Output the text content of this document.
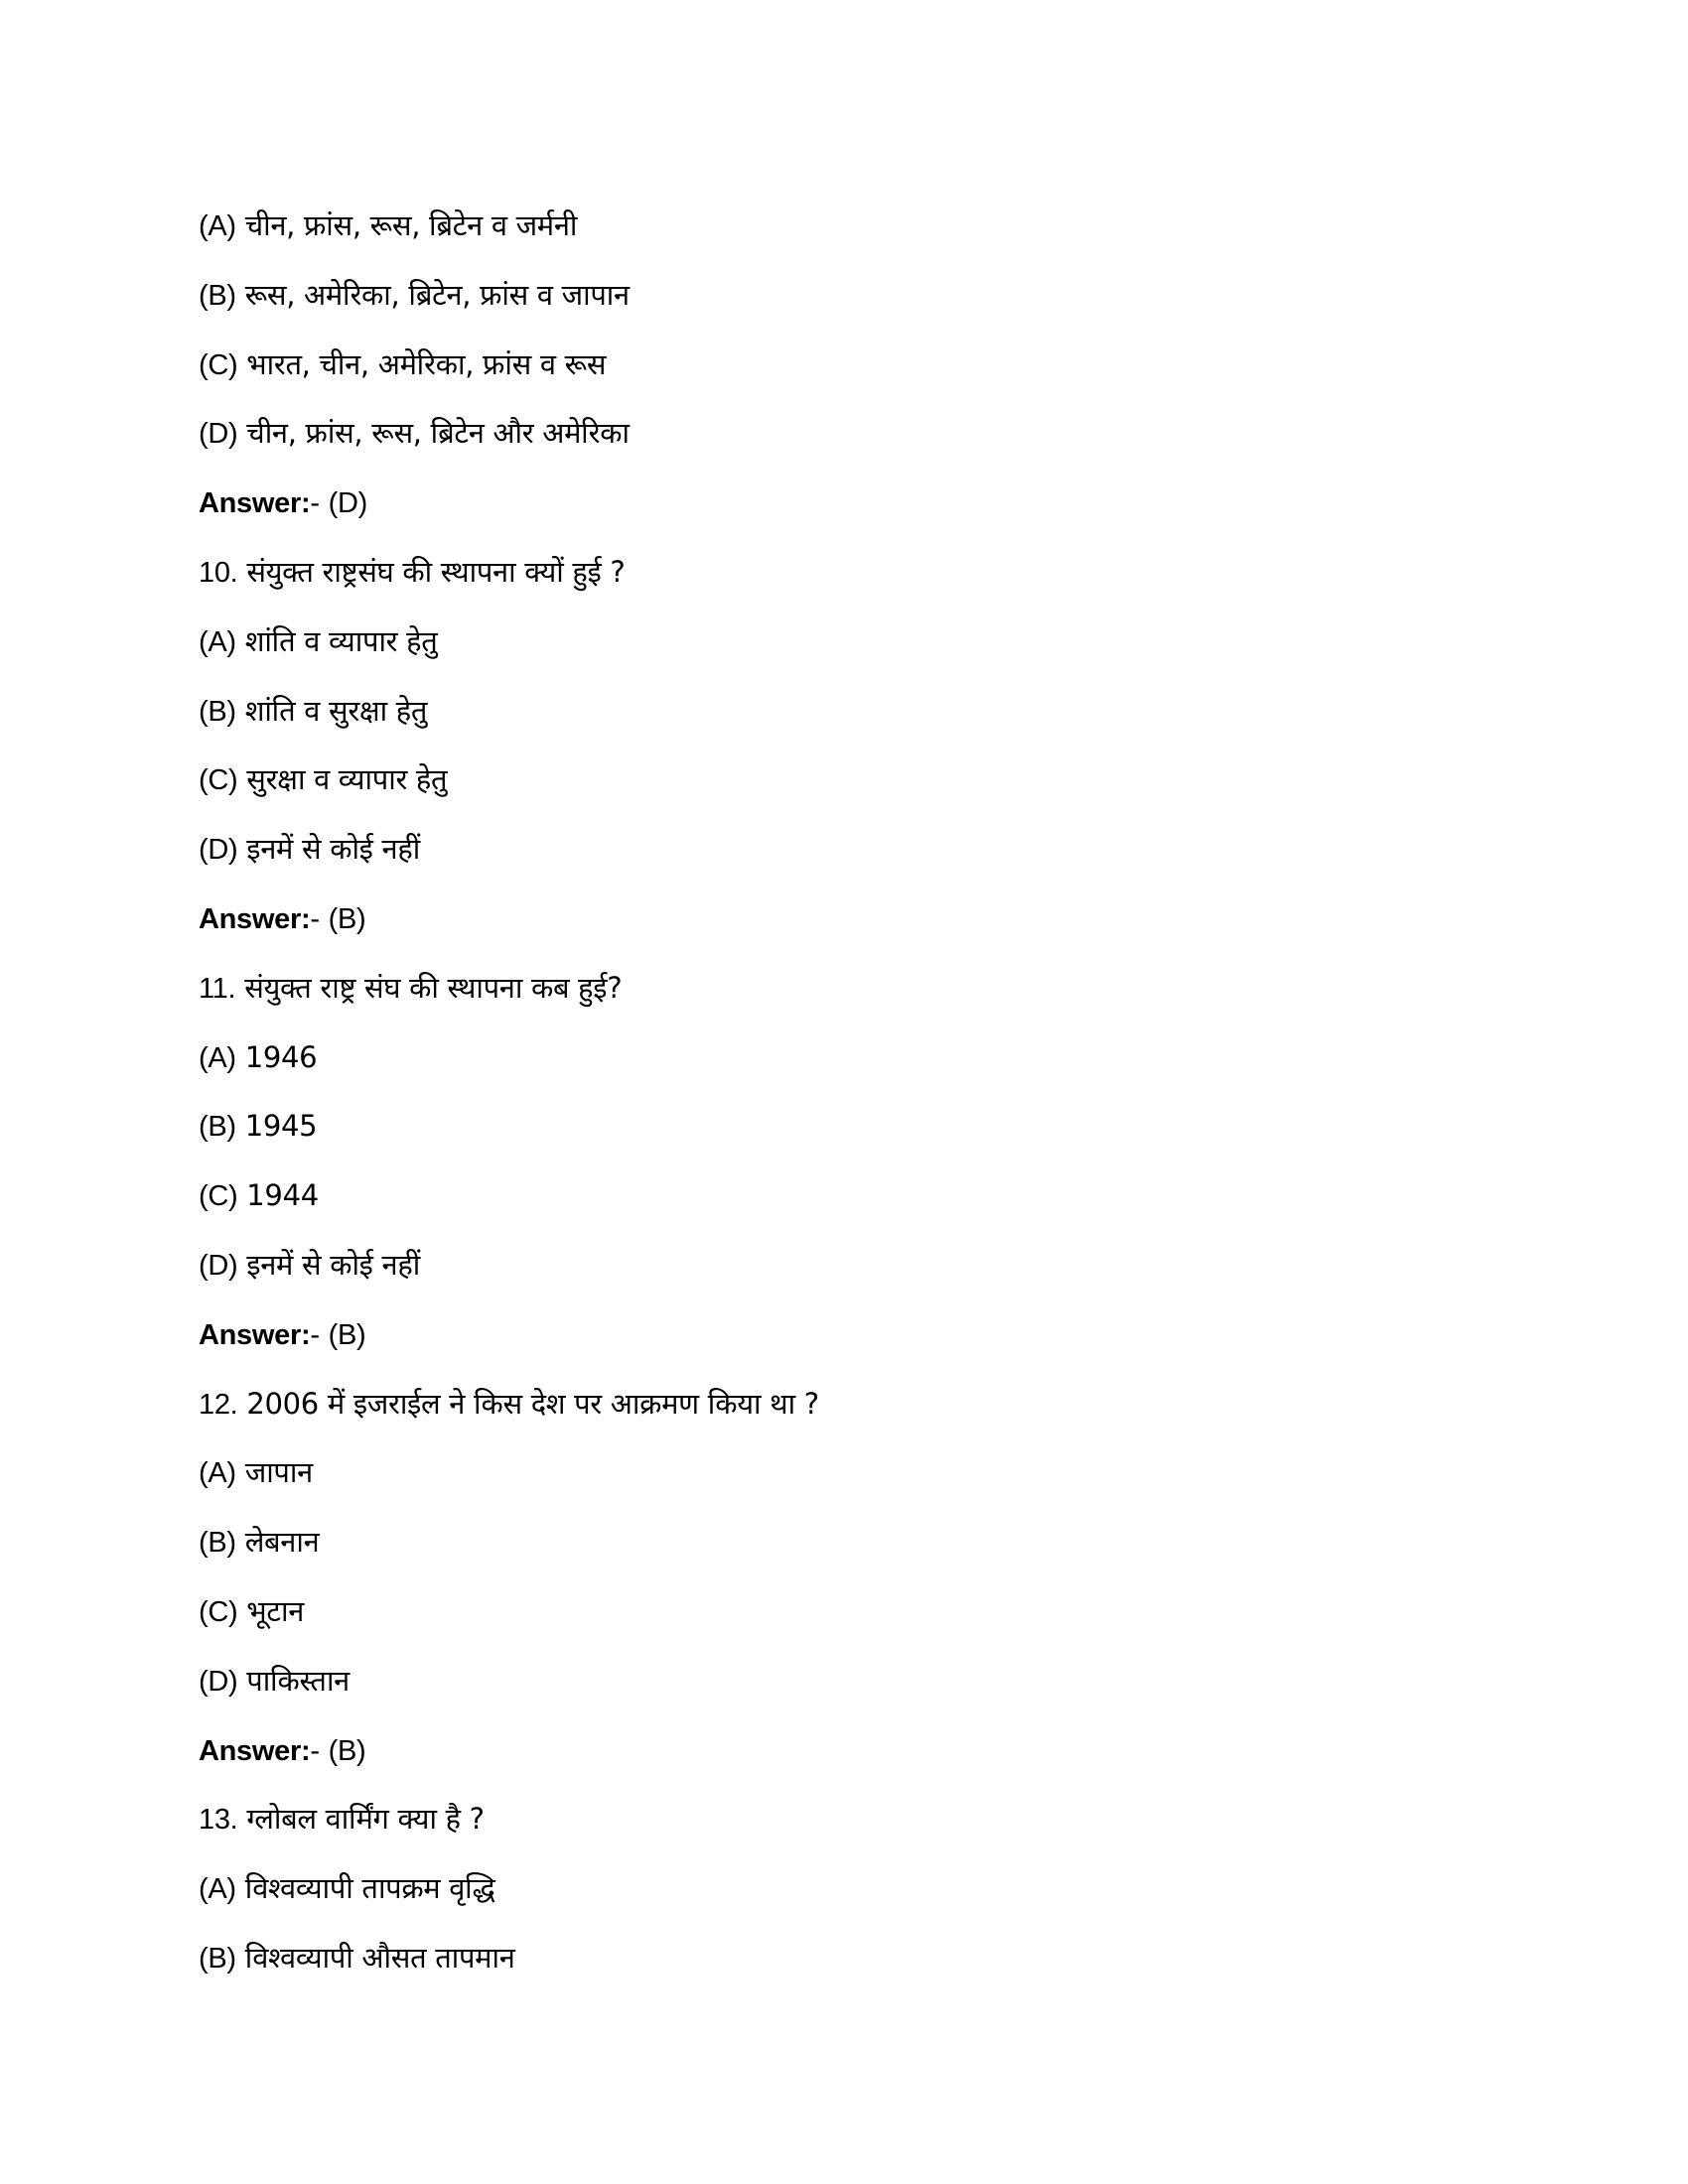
(A) चीन, फ्रांस, रूस, ब्रिटेन व जर्मनी
(B) रूस, अमेरिका, ब्रिटेन, फ्रांस व जापान
(C) भारत, चीन, अमेरिका, फ्रांस व रूस
(D) चीन, फ्रांस, रूस, ब्रिटेन और अमेरिका
Answer:- (D)
10. संयुक्त राष्ट्रसंघ की स्थापना क्यों हुई ?
(A) शांति व व्यापार हेतु
(B) शांति व सुरक्षा हेतु
(C) सुरक्षा व व्यापार हेतु
(D) इनमें से कोई नहीं
Answer:- (B)
11. संयुक्त राष्ट्र संघ की स्थापना कब हुई?
(A) 1946
(B) 1945
(C) 1944
(D) इनमें से कोई नहीं
Answer:- (B)
12. 2006 में इजराईल ने किस देश पर आक्रमण किया था ?
(A) जापान
(B) लेबनान
(C) भूटान
(D) पाकिस्तान
Answer:- (B)
13. ग्लोबल वार्मिंग क्या है ?
(A) विश्वव्यापी तापक्रम वृद्धि
(B) विश्वव्यापी औसत तापमान
